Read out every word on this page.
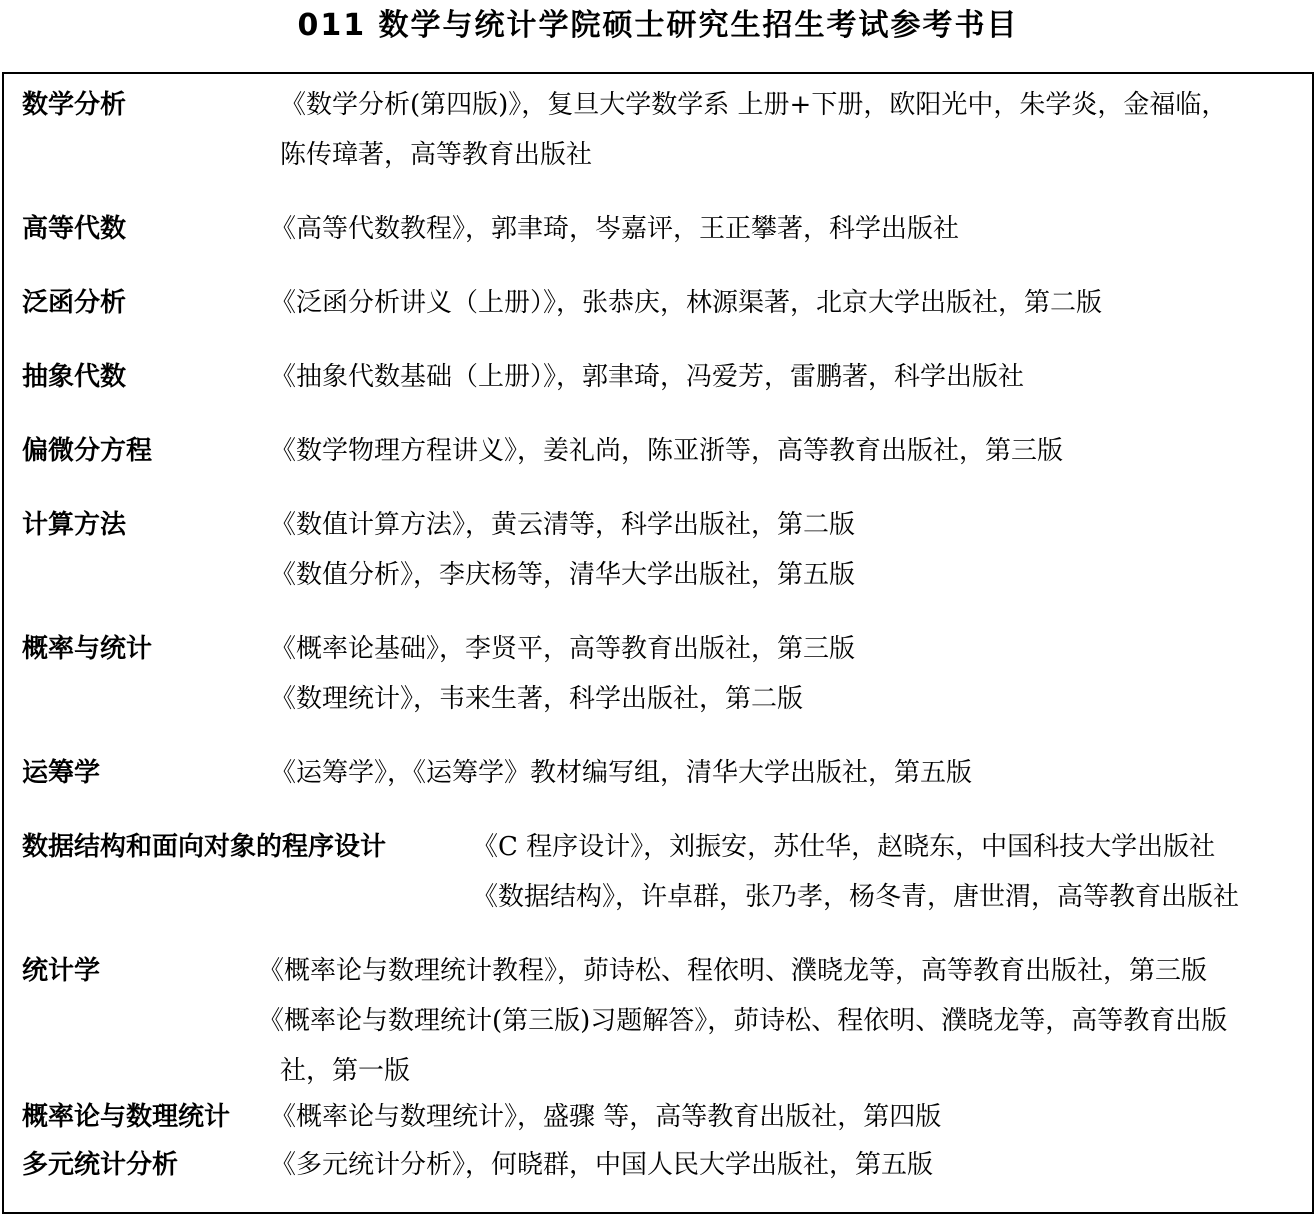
011 数学与统计学院硕士研究生招生考试参考书目
数学分析	《数学分析(第四版)》，复旦大学数学系 上册+下册，欧阳光中，朱学炎，金福临，
陈传璋著，高等教育出版社
高等代数	《高等代数教程》，郭聿琦，岑嘉评，王正攀著，科学出版社
泛函分析	《泛函分析讲义（上册）》，张恭庆，林源渠著，北京大学出版社，第二版
抽象代数	《抽象代数基础（上册）》，郭聿琦，冯爱芳，雷鹏著，科学出版社
偏微分方程	《数学物理方程讲义》，姜礼尚，陈亚浙等，高等教育出版社，第三版
计算方法	《数值计算方法》，黄云清等，科学出版社，第二版
《数值分析》，李庆杨等，清华大学出版社，第五版
概率与统计	《概率论基础》，李贤平，高等教育出版社，第三版
《数理统计》，韦来生著，科学出版社，第二版
运筹学	《运筹学》，《运筹学》教材编写组，清华大学出版社，第五版
数据结构和面向对象的程序设计	《C 程序设计》，刘振安，苏仕华，赵晓东，中国科技大学出版社
《数据结构》，许卓群，张乃孝，杨冬青，唐世渭，高等教育出版社
统计学	《概率论与数理统计教程》，茆诗松、程依明、濮晓龙等，高等教育出版社，第三版
《概率论与数理统计(第三版)习题解答》，茆诗松、程依明、濮晓龙等，高等教育出版
社，第一版
概率论与数理统计 《概率论与数理统计》，盛骤 等，高等教育出版社，第四版
多元统计分析	《多元统计分析》，何晓群，中国人民大学出版社，第五版
